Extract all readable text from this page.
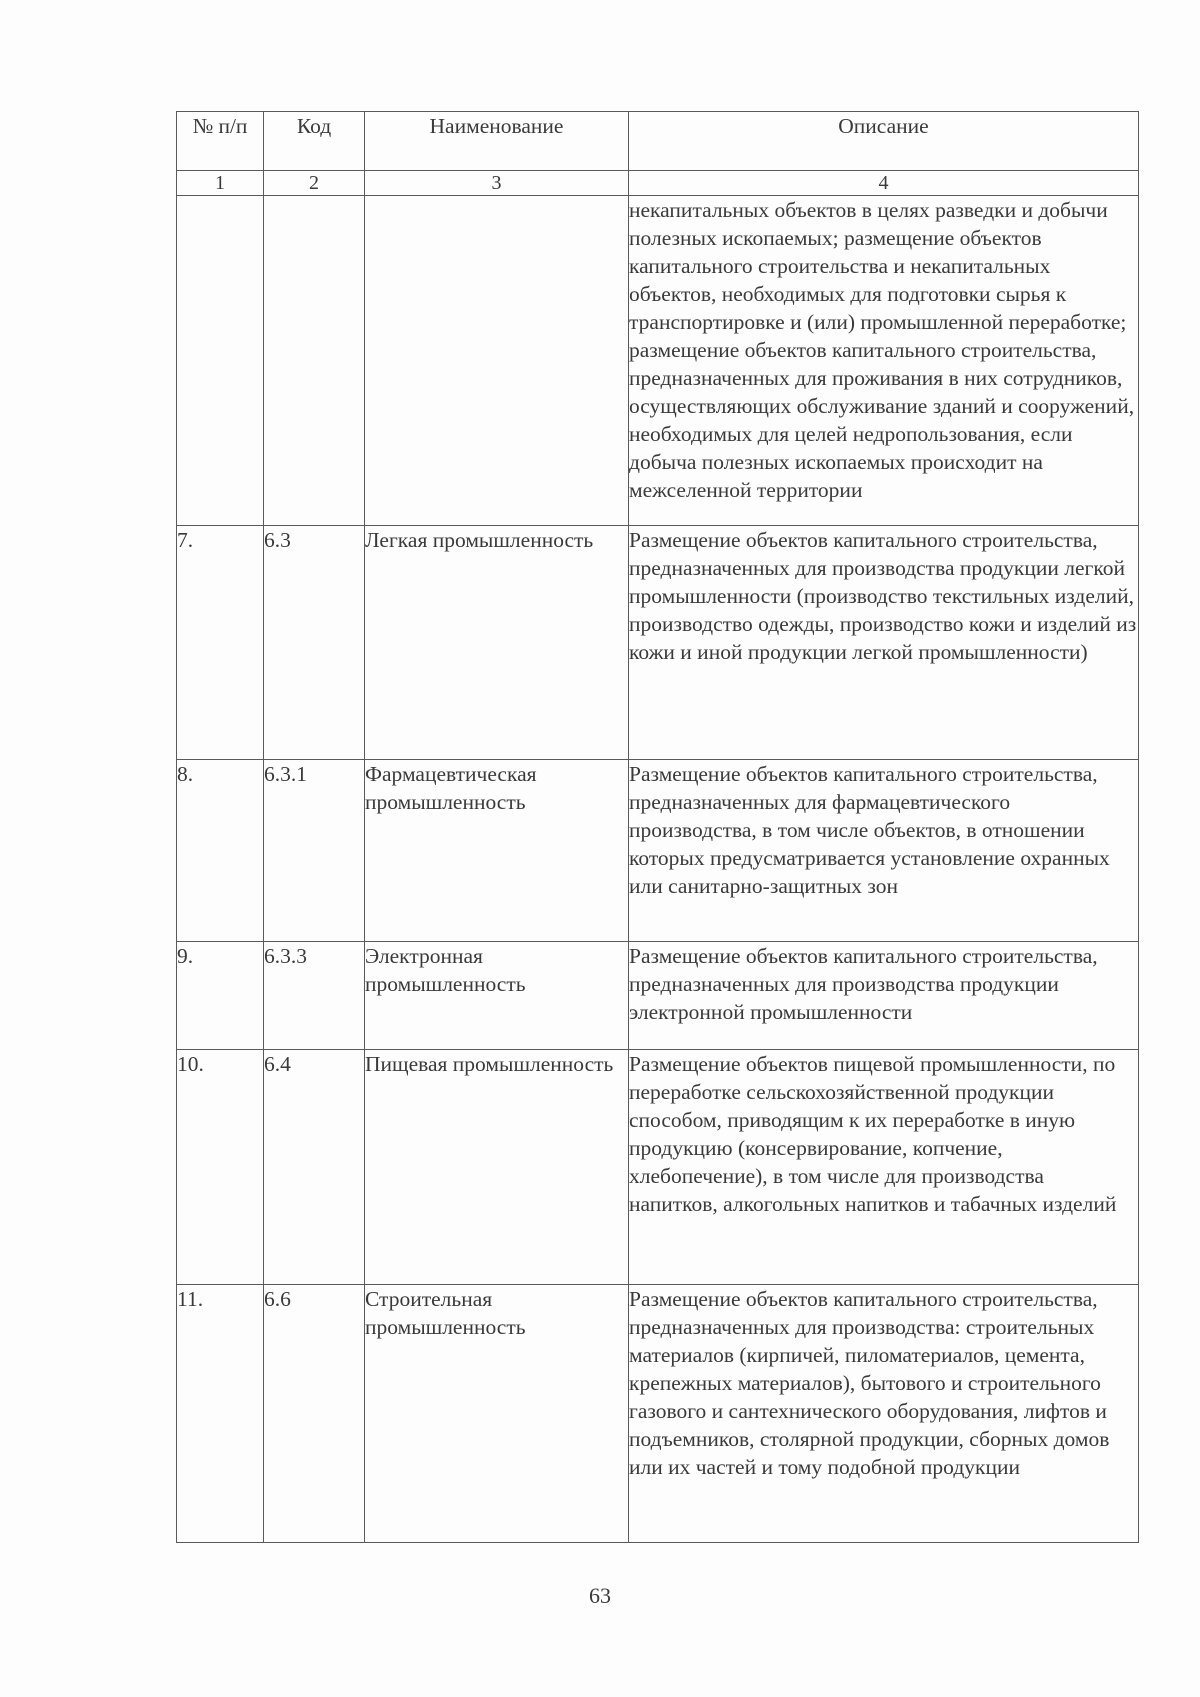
№ п/п	Код	Наименование	Описание
1	2	3	4
			некапитальных объектов в целях разведки и добычи полезных ископаемых; размещение объектов капитального строительства и некапитальных объектов, необходимых для подготовки сырья к транспортировке и (или) промышленной переработке; размещение объектов капитального строительства, предназначенных для проживания в них сотрудников, осуществляющих обслуживание зданий и сооружений, необходимых для целей недропользования, если добыча полезных ископаемых происходит на межселенной территории
7.	6.3	Легкая промышленность	Размещение объектов капитального строительства, предназначенных для производства продукции легкой промышленности (производство текстильных изделий, производство одежды, производство кожи и изделий из кожи и иной продукции легкой промышленности)
8.	6.3.1	Фармацевтическая промышленность	Размещение объектов капитального строительства, предназначенных для фармацевтического производства, в том числе объектов, в отношении которых предусматривается установление охранных или санитарно-защитных зон
9.	6.3.3	Электронная промышленность	Размещение объектов капитального строительства, предназначенных для производства продукции электронной промышленности
10.	6.4	Пищевая промышленность	Размещение объектов пищевой промышленности, по переработке сельскохозяйственной продукции способом, приводящим к их переработке в иную продукцию (консервирование, копчение, хлебопечение), в том числе для производства напитков, алкогольных напитков и табачных изделий
11.	6.6	Строительная промышленность	Размещение объектов капитального строительства, предназначенных для производства: строительных материалов (кирпичей, пиломатериалов, цемента, крепежных материалов), бытового и строительного газового и сантехнического оборудования, лифтов и подъемников, столярной продукции, сборных домов или их частей и тому подобной продукции
63
